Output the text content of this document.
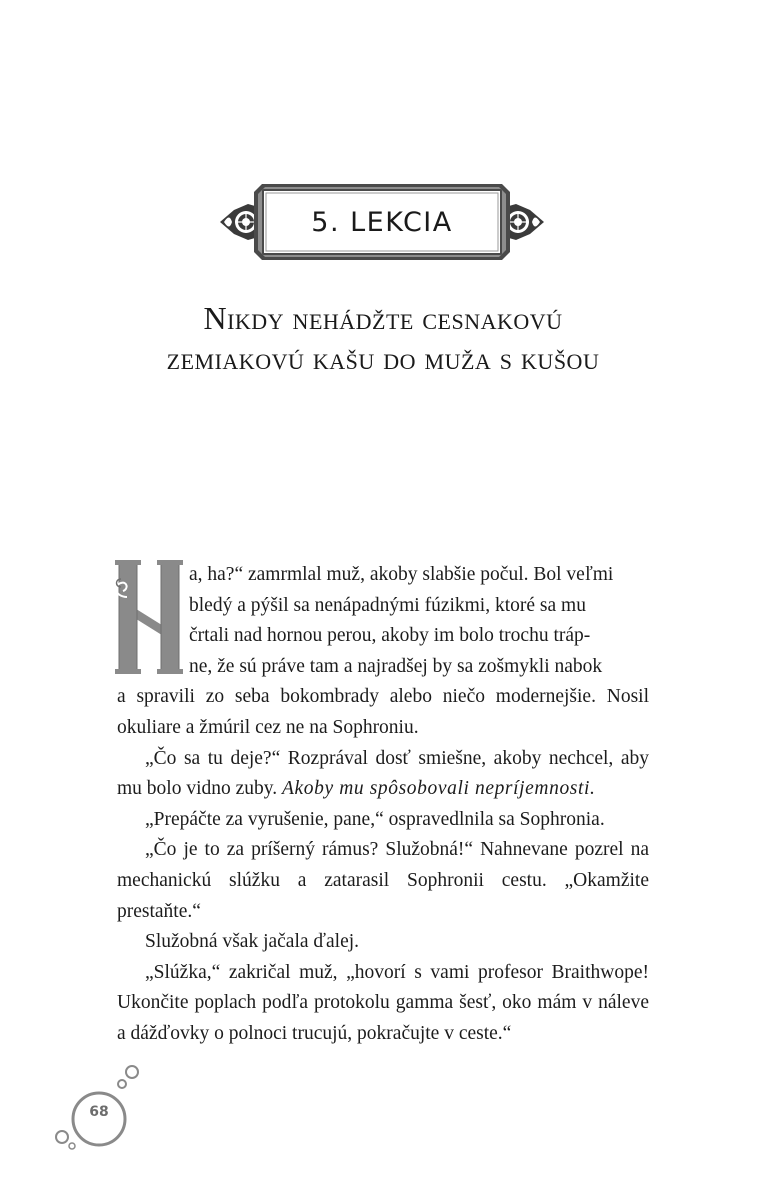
5. LEKCIA
Nikdy nehádžte cesnakovú
zemiakovú kašu do muža s kušou

a, ha?“ zamrmlal muž, akoby slabšie počul. Bol veľmi
bledý a pýšil sa nenápadnými fúzikmi, ktoré sa mu
črtali nad hornou perou, akoby im bolo trochu tráp-
ne, že sú práve tam a najradšej by sa zošmykli nabok
a spravili zo seba bokombrady alebo niečo modernejšie. Nosil okuliare a žmúril cez ne na Sophroniu.

„Čo sa tu deje?“ Rozprával dosť smiešne, akoby nechcel, aby mu bolo vidno zuby. Akoby mu spôsobovali nepríjemnosti.

„Prepáčte za vyrušenie, pane,“ ospravedlnila sa Sophronia.

„Čo je to za príšerný rámus? Služobná!“ Nahnevane pozrel na mechanickú slúžku a zatarasil Sophronii cestu. „Okamžite prestaňte.“

Služobná však jačala ďalej.

„Slúžka,“ zakričal muž, „hovorí s vami profesor Braithwope! Ukončite poplach podľa protokolu gamma šesť, oko mám v náleve a dážďovky o polnoci trucujú, pokračujte v ceste.“

68
